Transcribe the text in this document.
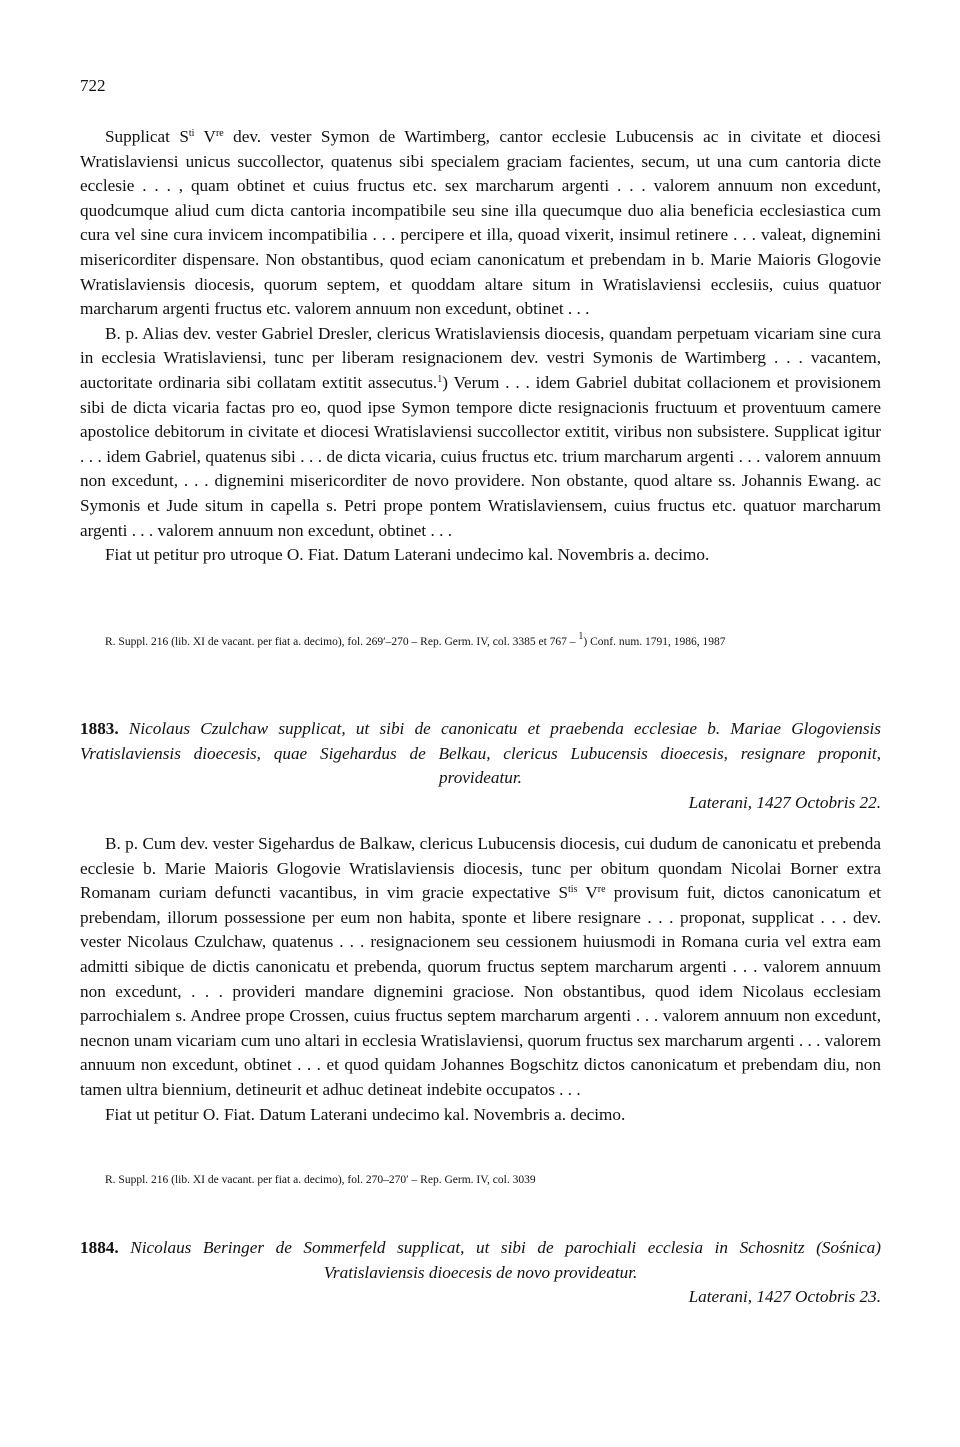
722

Supplicat $S^{ti}$ Vre dev. vester Symon de Wartimberg, cantor ecclesie Lubucensis ac in civitate et diocesi Wratislaviensi unicus succollector, quatenus sibi specialem graciam facientes, secum, ut una cum cantoria dicte ecclesie . . . , quam obtinet et cuius fructus etc. sex marcharum argenti . . . valorem annuum non excedunt, quodcumque aliud cum dicta cantoria incompatibile seu sine illa quecumque duo alia beneficia ecclesiastica cum cura vel sine cura invicem incompatibilia . . . percipere et illa, quoad vixerit, insimul retinere . . . valeat, dignemini misericorditer dispensare. Non obstantibus, quod eciam canonicatum et prebendam in b. Marie Maioris Glogovie Wratislaviensis diocesis, quorum septem, et quoddam altare situm in Wratislaviensi ecclesiis, cuius quatuor marcharum argenti fructus etc. valorem annuum non excedunt, obtinet . . .

B. p. Alias dev. vester Gabriel Dresler, clericus Wratislaviensis diocesis, quandam perpetuam vicariam sine cura in ecclesia Wratislaviensi, tunc per liberam resignacionem dev. vestri Symonis de Wartimberg . . . vacantem, auctoritate ordinaria sibi collatam extitit assecutus.$^1$) Verum . . . idem Gabriel dubitat collacionem et provisionem sibi de dicta vicaria factas pro eo, quod ipse Symon tempore dicte resignacionis fructuum et proventuum camere apostolice debitorum in civitate et diocesi Wratislaviensi succollector extitit, viribus non subsistere. Supplicat igitur . . . idem Gabriel, quatenus sibi . . . de dicta vicaria, cuius fructus etc. trium marcharum argenti . . . valorem annuum non excedunt, . . . dignemini misericorditer de novo providere. Non obstante, quod altare ss. Johannis Ewang. ac Symonis et Jude situm in capella s. Petri prope pontem Wratislaviensem, cuius fructus etc. quatuor marcharum argenti . . . valorem annuum non excedunt, obtinet . . .

Fiat ut petitur pro utroque O. Fiat. Datum Laterani undecimo kal. Novembris a. decimo.

R. Suppl. 216 (lib. XI de vacant. per fiat a. decimo), fol. 269′–270 – Rep. Germ. IV, col. 3385 et 767 – $^1$) Conf. num. 1791, 1986, 1987

1883. Nicolaus Czulchaw supplicat, ut sibi de canonicatu et praebenda ecclesiae b. Mariae Glogoviensis Vratislaviensis dioecesis, quae Sigehardus de Belkau, clericus Lubucensis dioecesis, resignare proponit, provideatur.

Laterani, 1427 Octobris 22.

B. p. Cum dev. vester Sigehardus de Balkaw, clericus Lubucensis diocesis, cui dudum de canonicatu et prebenda ecclesie b. Marie Maioris Glogovie Wratislaviensis diocesis, tunc per obitum quondam Nicolai Borner extra Romanam curiam defuncti vacantibus, in vim gracie expectative $S^{tis}$ Vre provisum fuit, dictos canonicatum et prebendam, illorum possessione per eum non habita, sponte et libere resignare . . . proponat, supplicat . . . dev. vester Nicolaus Czulchaw, quatenus . . . resignacionem seu cessionem huiusmodi in Romana curia vel extra eam admitti sibique de dictis canonicatu et prebenda, quorum fructus septem marcharum argenti . . . valorem annuum non excedunt, . . . provideri mandare dignemini graciose. Non obstantibus, quod idem Nicolaus ecclesiam parrochialem s. Andree prope Crossen, cuius fructus septem marcharum argenti . . . valorem annuum non excedunt, necnon unam vicariam cum uno altari in ecclesia Wratislaviensi, quorum fructus sex marcharum argenti . . . valorem annuum non excedunt, obtinet . . . et quod quidam Johannes Bogschitz dictos canonicatum et prebendam diu, non tamen ultra biennium, detineurit et adhuc detineat indebite occupatos . . .

Fiat ut petitur O. Fiat. Datum Laterani undecimo kal. Novembris a. decimo.

R. Suppl. 216 (lib. XI de vacant. per fiat a. decimo), fol. 270–270′ – Rep. Germ. IV, col. 3039

1884. Nicolaus Beringer de Sommerfeld supplicat, ut sibi de parochiali ecclesia in Schosnitz (Sośnica) Vratislaviensis dioecesis de novo provideatur.

Laterani, 1427 Octobris 23.
